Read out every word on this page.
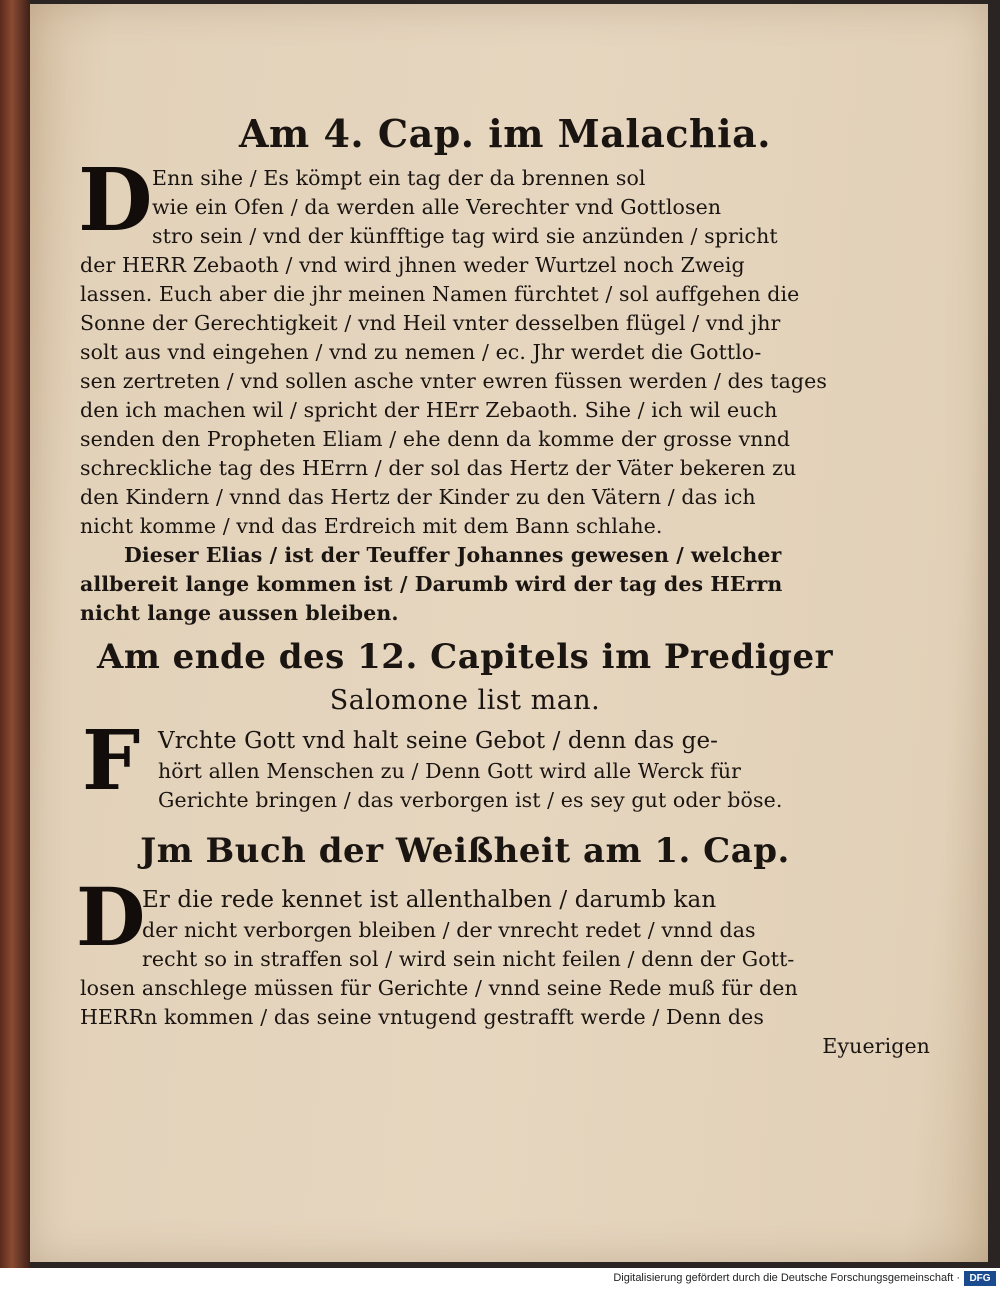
Am 4. Cap. im Malachia.
D Enn sihe / Es kömpt ein tag der da brennen sol
wie ein Ofen / da werden alle Verechter vnd Gottlosen
stro sein / vnd der künfftige tag wird sie anzünden / spricht
der HERR Zebaoth / vnd wird jhnen weder Wurtzel noch Zweig
lassen. Euch aber die jhr meinen Namen fürchtet / sol auffgehen die
Sonne der Gerechtigkeit / vnd Heil vnter desselben flügel / vnd jhr
solt aus vnd eingehen / vnd zu nemen / ec. Jhr werdet die Gottlo-
sen zertreten / vnd sollen asche vnter ewren füssen werden / des tages
den ich machen wil / spricht der HErr Zebaoth. Sihe / ich wil euch
senden den Propheten Eliam / ehe denn da komme der grosse vnnd
schreckliche tag des HErrn / der sol das Hertz der Väter bekeren zu
den Kindern / vnnd das Hertz der Kinder zu den Vätern / das ich
nicht komme / vnd das Erdreich mit dem Bann schlahe.
Dieser Elias / ist der Teuffer Johannes gewesen / welcher
allbereit lange kommen ist / Darumb wird der tag des HErrn
nicht lange aussen bleiben.
Am ende des 12. Capitels im Prediger
Salomone list man.
F Vrchte Gott vnd halt seine Gebot / denn das ge-
hört allen Menschen zu / Denn Gott wird alle Werck für
Gerichte bringen / das verborgen ist / es sey gut oder böse.
Jm Buch der Weißheit am 1. Cap.
D
Er die rede kennet ist allenthalben / darumb kan
der nicht verborgen bleiben / der vnrecht redet / vnnd das
recht so in straffen sol / wird sein nicht feilen / denn der Gott-
losen anschlege müssen für Gerichte / vnnd seine Rede muß für den
HERRn kommen / das seine vntugend gestrafft werde / Denn des
Eyuerigen
Digitalisierung gefördert durch die Deutsche Forschungsgemeinschaft · DFG
